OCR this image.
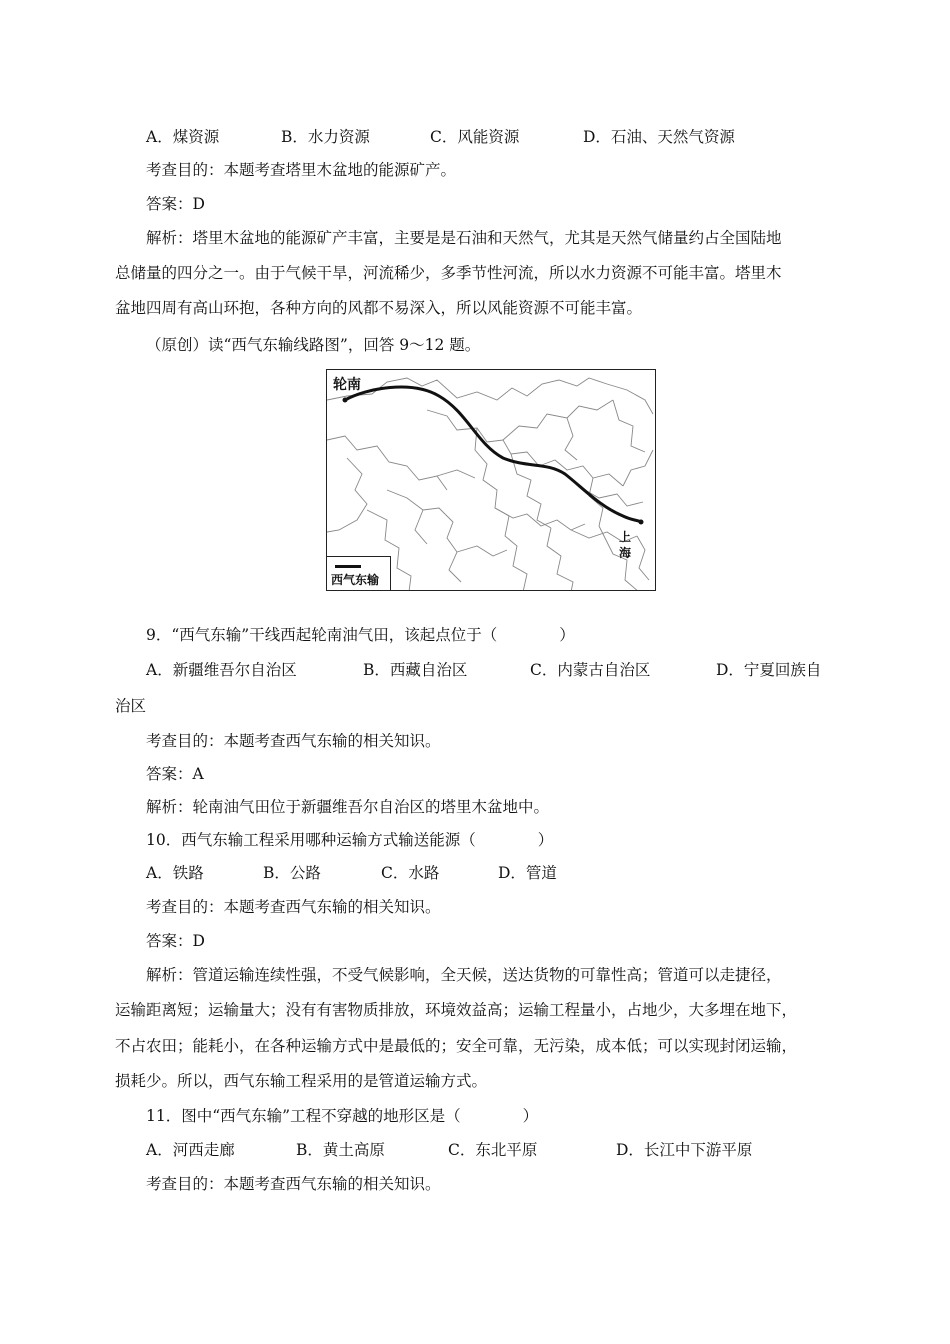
A．煤资源	B．水力资源	C．风能资源	D．石油、天然气资源
考查目的：本题考查塔里木盆地的能源矿产。
答案：D
解析：塔里木盆地的能源矿产丰富，主要是是石油和天然气，尤其是天然气储量约占全国陆地
总储量的四分之一。由于气候干旱，河流稀少，多季节性河流，所以水力资源不可能丰富。塔里木
盆地四周有高山环抱，各种方向的风都不易深入，所以风能资源不可能丰富。
（原创）读“西气东输线路图”，回答 9～12 题。
轮南
上
海
西气东输
9．“西气东输”干线西起轮南油气田，该起点位于（　　　　）
A．新疆维吾尔自治区	B．西藏自治区	C．内蒙古自治区	D．宁夏回族自
治区
考查目的：本题考查西气东输的相关知识。
答案：A
解析：轮南油气田位于新疆维吾尔自治区的塔里木盆地中。
10．西气东输工程采用哪种运输方式输送能源（　　　　）
A．铁路	B．公路	C．水路	D．管道
考查目的：本题考查西气东输的相关知识。
答案：D
解析：管道运输连续性强，不受气候影响，全天候，送达货物的可靠性高；管道可以走捷径，
运输距离短；运输量大；没有有害物质排放，环境效益高；运输工程量小，占地少，大多埋在地下，
不占农田；能耗小，在各种运输方式中是最低的；安全可靠，无污染，成本低；可以实现封闭运输，
损耗少。所以，西气东输工程采用的是管道运输方式。
11．图中“西气东输”工程不穿越的地形区是（　　　　）
A．河西走廊	B．黄土高原	C．东北平原	D．长江中下游平原
考查目的：本题考查西气东输的相关知识。
